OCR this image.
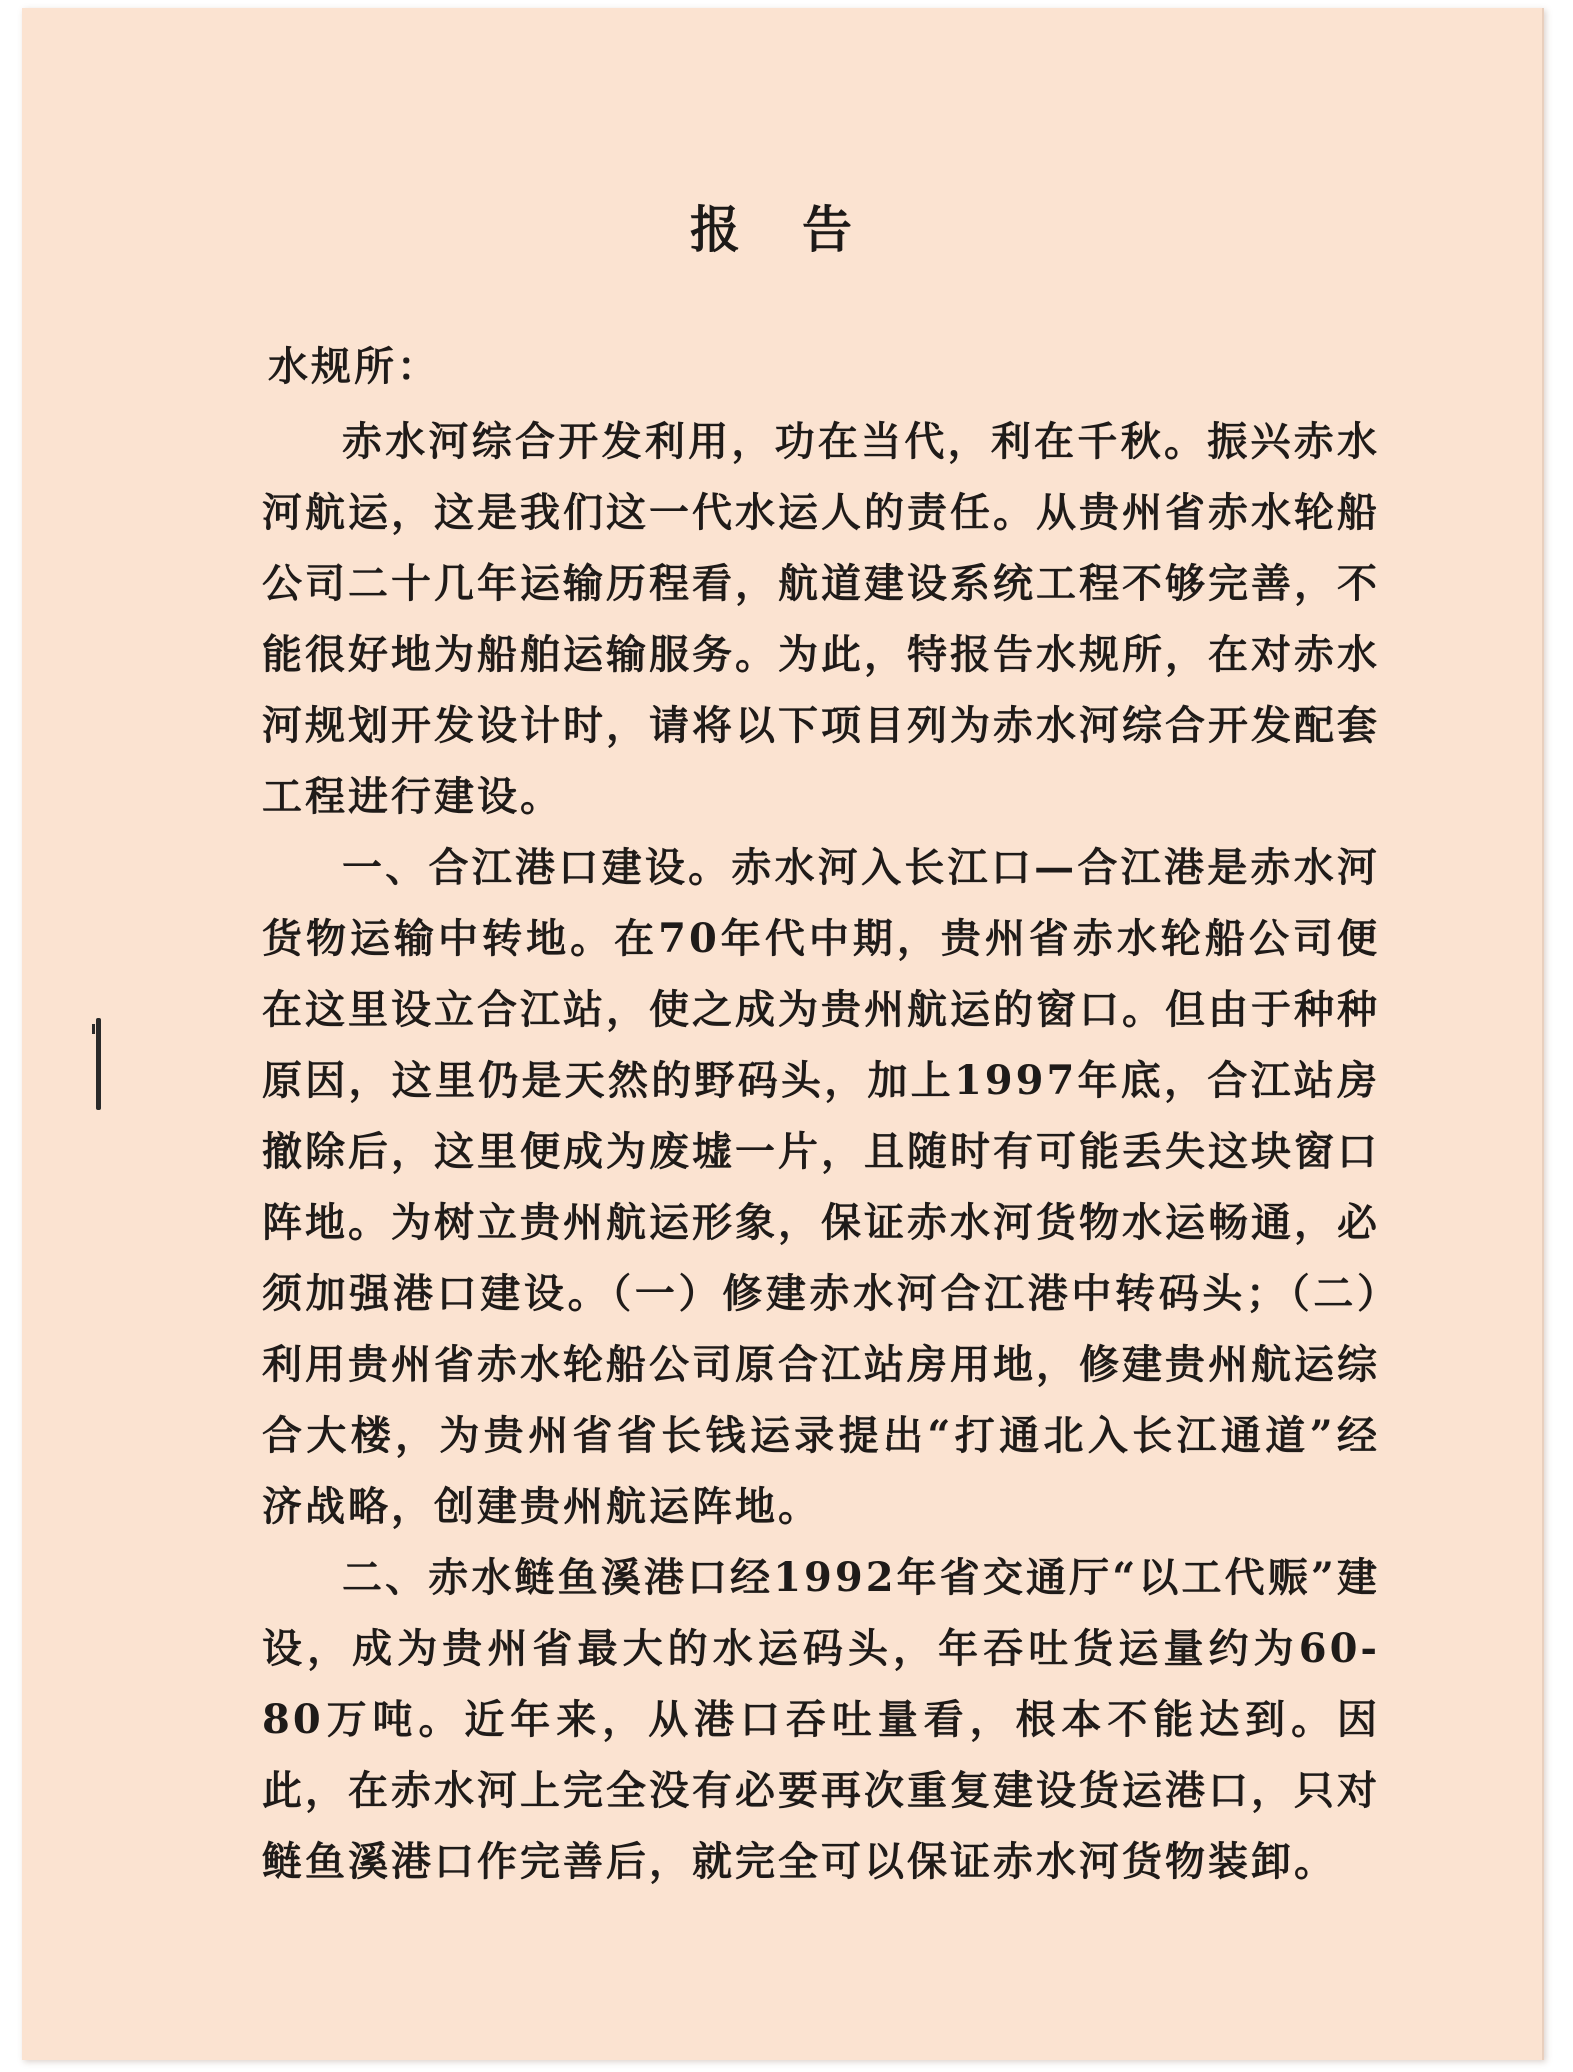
报告
水规所：

赤水河综合开发利用，功在当代，利在千秋。振兴赤水河航运，这是我们这一代水运人的责任。从贵州省赤水轮船公司二十几年运输历程看，航道建设系统工程不够完善，不能很好地为船舶运输服务。为此，特报告水规所，在对赤水河规划开发设计时，请将以下项目列为赤水河综合开发配套工程进行建设。

一、合江港口建设。赤水河入长江口—合江港是赤水河货物运输中转地。在70年代中期，贵州省赤水轮船公司便在这里设立合江站，使之成为贵州航运的窗口。但由于种种原因，这里仍是天然的野码头，加上1997年底，合江站房撤除后，这里便成为废墟一片，且随时有可能丢失这块窗口阵地。为树立贵州航运形象，保证赤水河货物水运畅通，必须加强港口建设。（一）修建赤水河合江港中转码头；（二）利用贵州省赤水轮船公司原合江站房用地，修建贵州航运综合大楼，为贵州省省长钱运录提出“打通北入长江通道”经济战略，创建贵州航运阵地。

二、赤水鲢鱼溪港口经1992年省交通厅“以工代赈”建设，成为贵州省最大的水运码头，年吞吐货运量约为60-80万吨。近年来，从港口吞吐量看，根本不能达到。因此，在赤水河上完全没有必要再次重复建设货运港口，只对鲢鱼溪港口作完善后，就完全可以保证赤水河货物装卸。
